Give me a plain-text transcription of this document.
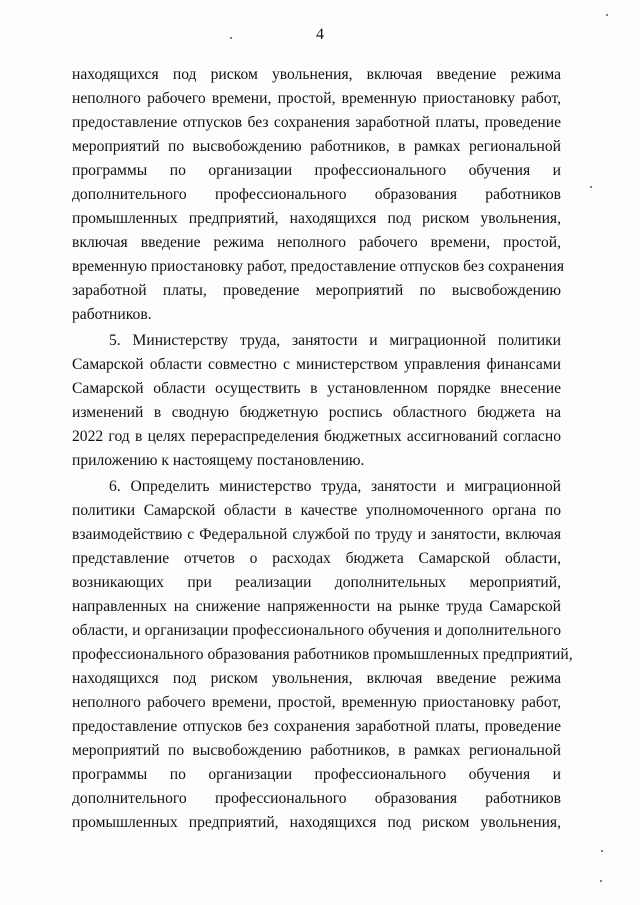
4
находящихся под риском увольнения, включая введение режима
неполного рабочего времени, простой, временную приостановку работ,
предоставление отпусков без сохранения заработной платы, проведение
мероприятий по высвобождению работников, в рамках региональной
программы по организации профессионального обучения и
дополнительного профессионального образования работников
промышленных предприятий, находящихся под риском увольнения,
включая введение режима неполного рабочего времени, простой,
временную приостановку работ, предоставление отпусков без сохранения
заработной платы, проведение мероприятий по высвобождению
работников.
5. Министерству труда, занятости и миграционной политики
Самарской области совместно с министерством управления финансами
Самарской области осуществить в установленном порядке внесение
изменений в сводную бюджетную роспись областного бюджета на
2022 год в целях перераспределения бюджетных ассигнований согласно
приложению к настоящему постановлению.
6. Определить министерство труда, занятости и миграционной
политики Самарской области в качестве уполномоченного органа по
взаимодействию с Федеральной службой по труду и занятости, включая
представление отчетов о расходах бюджета Самарской области,
возникающих при реализации дополнительных мероприятий,
направленных на снижение напряженности на рынке труда Самарской
области, и организации профессионального обучения и дополнительного
профессионального образования работников промышленных предприятий,
находящихся под риском увольнения, включая введение режима
неполного рабочего времени, простой, временную приостановку работ,
предоставление отпусков без сохранения заработной платы, проведение
мероприятий по высвобождению работников, в рамках региональной
программы по организации профессионального обучения и
дополнительного профессионального образования работников
промышленных предприятий, находящихся под риском увольнения,
